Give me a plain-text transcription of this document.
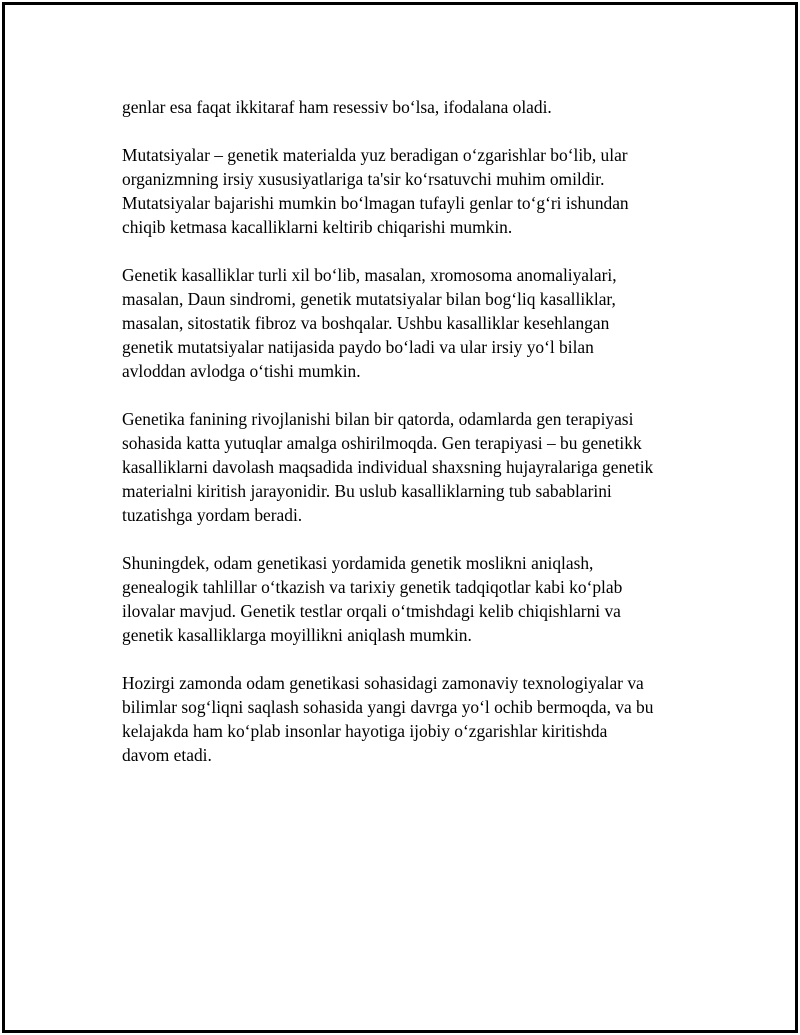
genlar esa faqat ikkitaraf ham resessiv bo‘lsa, ifodalana oladi.

Mutatsiyalar – genetik materialda yuz beradigan o‘zgarishlar bo‘lib, ular
organizmning irsiy xususiyatlariga ta'sir ko‘rsatuvchi muhim omildir.
Mutatsiyalar bajarishi mumkin bo‘lmagan tufayli genlar to‘g‘ri ishundan
chiqib ketmasa kacalliklarni keltirib chiqarishi mumkin.

Genetik kasalliklar turli xil bo‘lib, masalan, xromosoma anomaliyalari,
masalan, Daun sindromi, genetik mutatsiyalar bilan bog‘liq kasalliklar,
masalan, sitostatik fibroz va boshqalar. Ushbu kasalliklar kesehlangan
genetik mutatsiyalar natijasida paydo bo‘ladi va ular irsiy yo‘l bilan
avloddan avlodga o‘tishi mumkin.

Genetika fanining rivojlanishi bilan bir qatorda, odamlarda gen terapiyasi
sohasida katta yutuqlar amalga oshirilmoqda. Gen terapiyasi – bu genetikk
kasalliklarni davolash maqsadida individual shaxsning hujayralariga genetik
materialni kiritish jarayonidir. Bu uslub kasalliklarning tub sabablarini
tuzatishga yordam beradi.

Shuningdek, odam genetikasi yordamida genetik moslikni aniqlash,
genealogik tahlillar o‘tkazish va tarixiy genetik tadqiqotlar kabi ko‘plab
ilovalar mavjud. Genetik testlar orqali o‘tmishdagi kelib chiqishlarni va
genetik kasalliklarga moyillikni aniqlash mumkin.

Hozirgi zamonda odam genetikasi sohasidagi zamonaviy texnologiyalar va
bilimlar sog‘liqni saqlash sohasida yangi davrga yo‘l ochib bermoqda, va bu
kelajakda ham ko‘plab insonlar hayotiga ijobiy o‘zgarishlar kiritishda
davom etadi.
